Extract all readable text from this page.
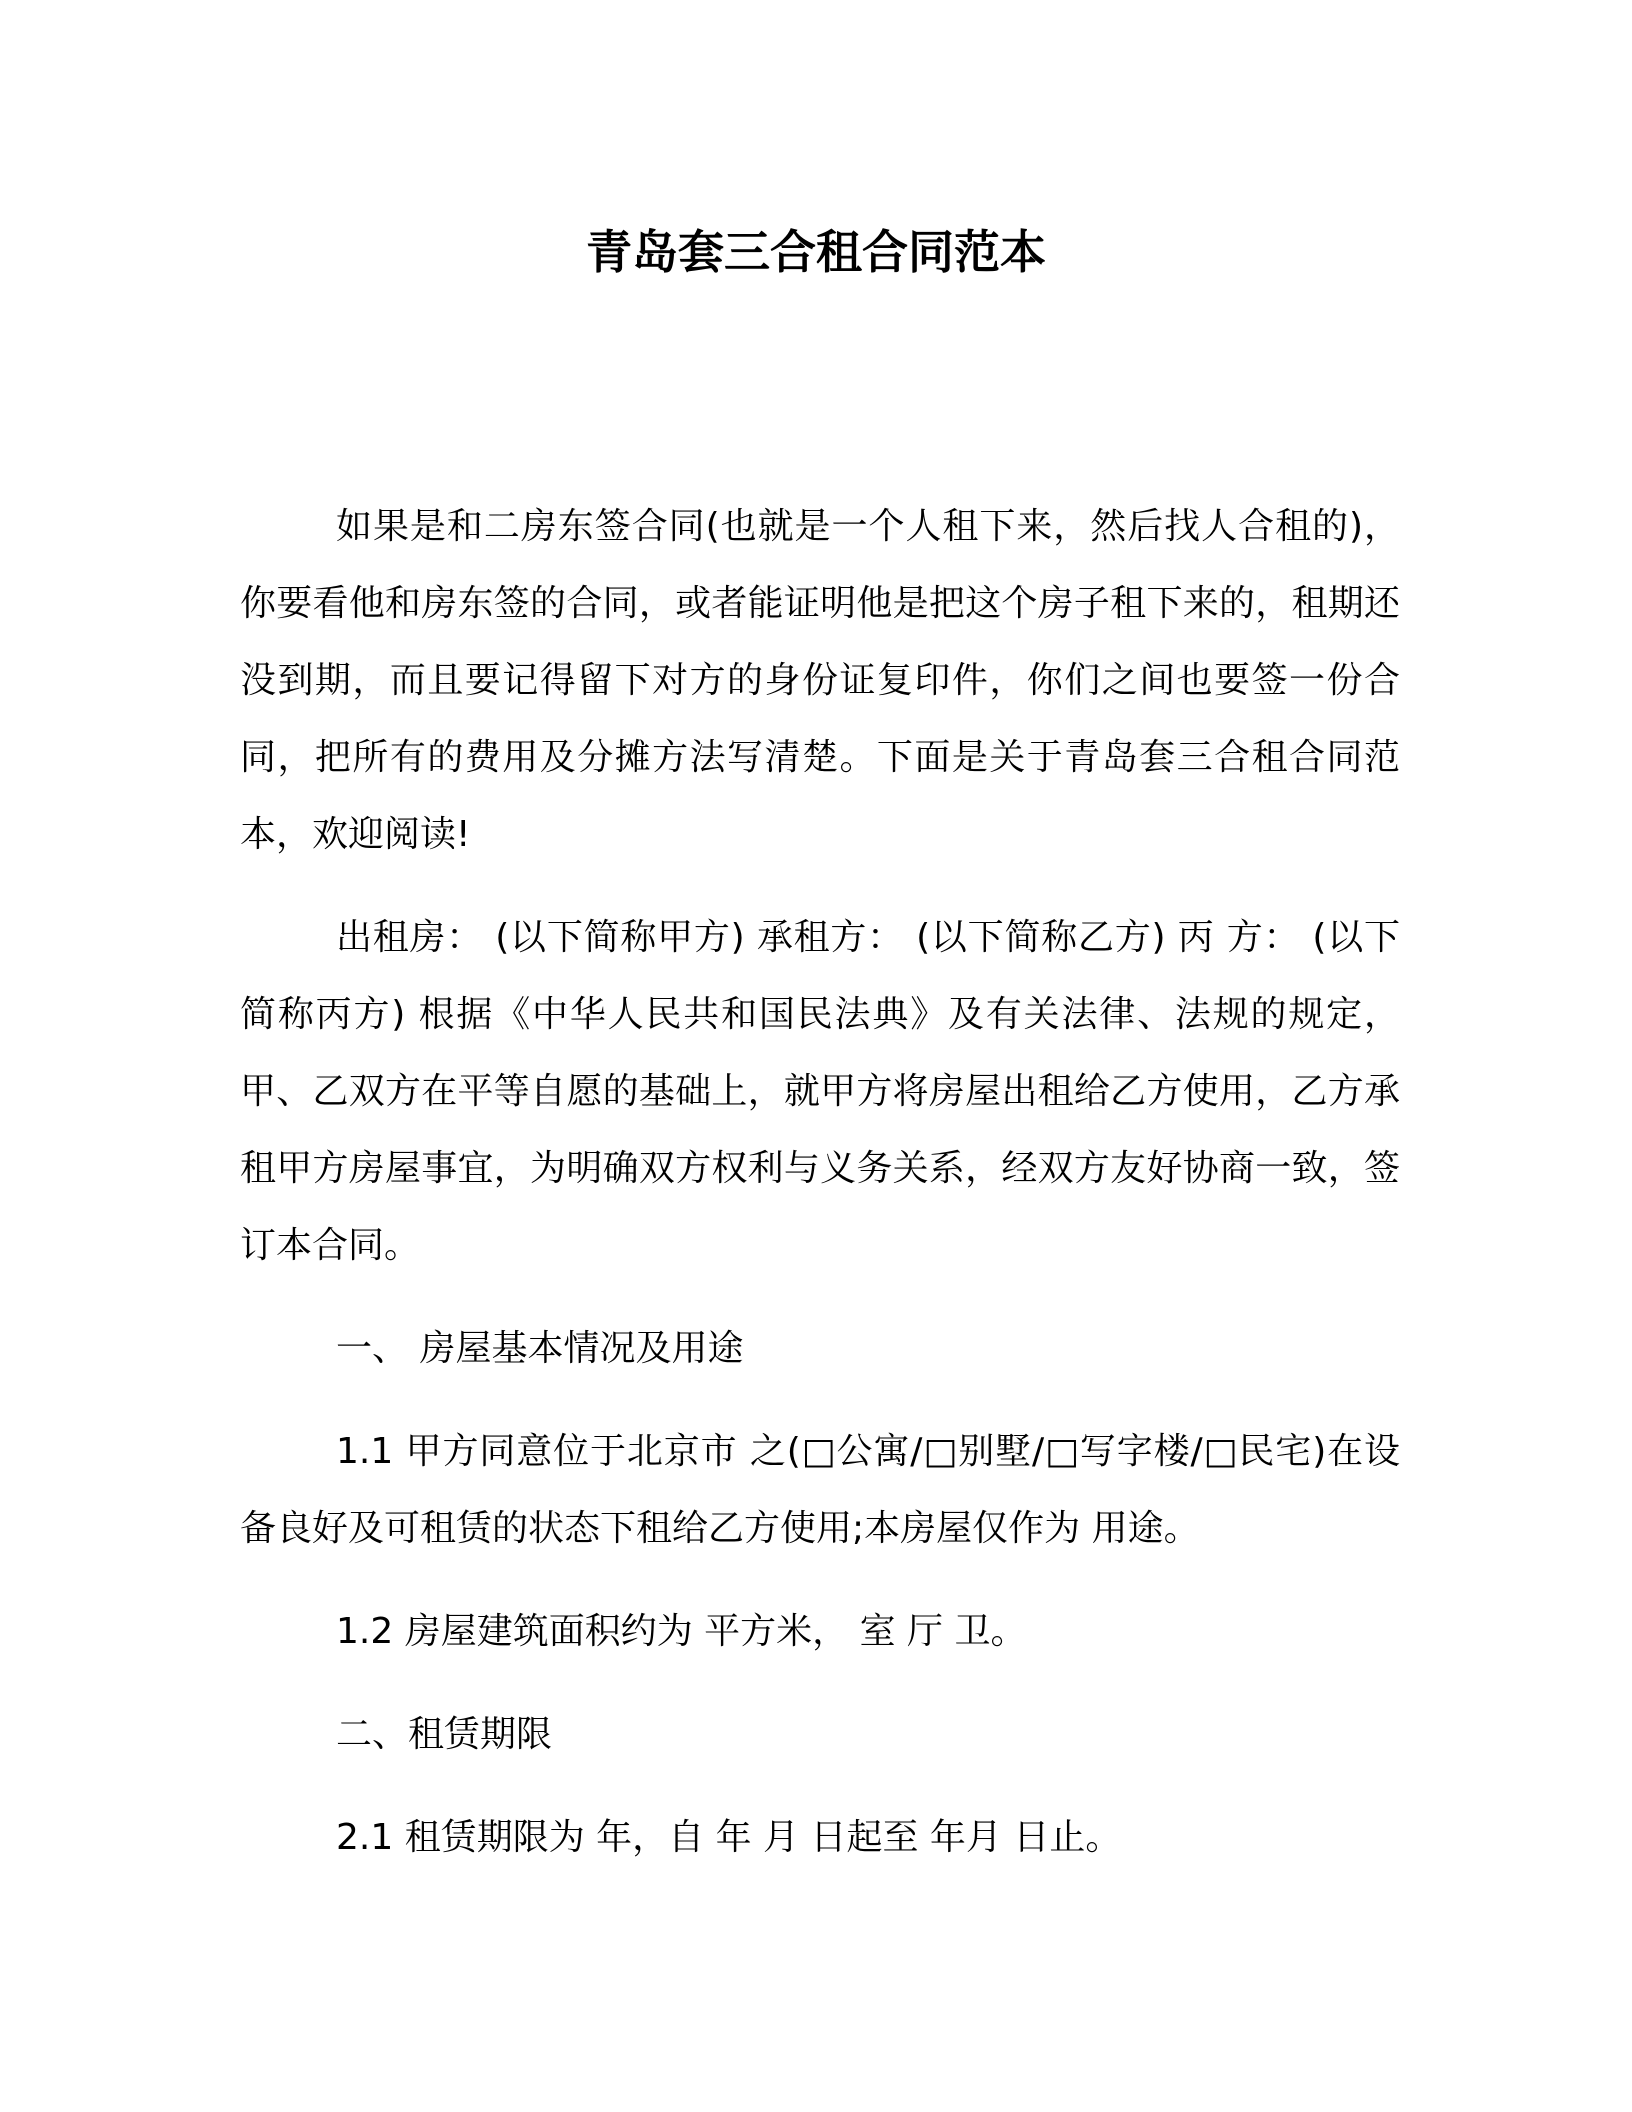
青岛套三合租合同范本

如果是和二房东签合同(也就是一个人租下来，然后找人合租的)，你要看他和房东签的合同，或者能证明他是把这个房子租下来的，租期还没到期，而且要记得留下对方的身份证复印件，你们之间也要签一份合同，把所有的费用及分摊方法写清楚。下面是关于青岛套三合租合同范本，欢迎阅读!

出租房： (以下简称甲方) 承租方： (以下简称乙方) 丙 方： (以下简称丙方) 根据《中华人民共和国民法典》及有关法律、法规的规定，甲、乙双方在平等自愿的基础上，就甲方将房屋出租给乙方使用，乙方承租甲方房屋事宜，为明确双方权利与义务关系，经双方友好协商一致，签订本合同。

一、 房屋基本情况及用途

1.1 甲方同意位于北京市 之(□公寓/□别墅/□写字楼/□民宅)在设备良好及可租赁的状态下租给乙方使用;本房屋仅作为 用途。

1.2 房屋建筑面积约为 平方米， 室 厅 卫。

二、租赁期限

2.1 租赁期限为 年，自 年 月 日起至 年月 日止。
